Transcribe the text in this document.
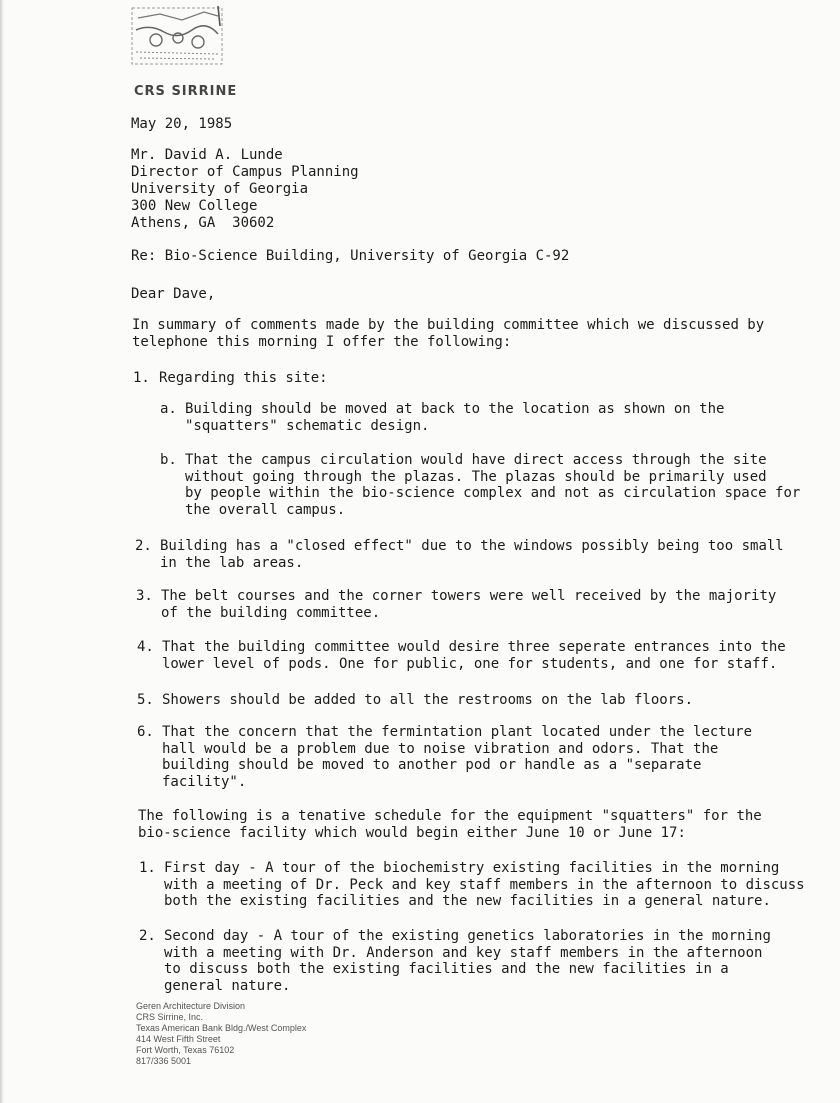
CRS SIRRINE
May 20, 1985
Mr. David A. Lunde
Director of Campus Planning
University of Georgia
300 New College
Athens, GA  30602
Re: Bio-Science Building, University of Georgia C-92
Dear Dave,
In summary of comments made by the building committee which we discussed by
telephone this morning I offer the following:
1. Regarding this site:
a. Building should be moved at back to the location as shown on the
"squatters" schematic design.
b. That the campus circulation would have direct access through the site
without going through the plazas. The plazas should be primarily used
by people within the bio-science complex and not as circulation space for
the overall campus.
2. Building has a "closed effect" due to the windows possibly being too small
in the lab areas.
3. The belt courses and the corner towers were well received by the majority
of the building committee.
4. That the building committee would desire three seperate entrances into the
lower level of pods. One for public, one for students, and one for staff.
5. Showers should be added to all the restrooms on the lab floors.
6. That the concern that the fermintation plant located under the lecture
hall would be a problem due to noise vibration and odors. That the
building should be moved to another pod or handle as a "separate
facility".
The following is a tenative schedule for the equipment "squatters" for the
bio-science facility which would begin either June 10 or June 17:
1. First day - A tour of the biochemistry existing facilities in the morning
with a meeting of Dr. Peck and key staff members in the afternoon to discuss
both the existing facilities and the new facilities in a general nature.
2. Second day - A tour of the existing genetics laboratories in the morning
with a meeting with Dr. Anderson and key staff members in the afternoon
to discuss both the existing facilities and the new facilities in a
general nature.
Geren Architecture Division
CRS Sirrine, Inc.
Texas American Bank Bldg./West Complex
414 West Fifth Street
Fort Worth, Texas 76102
817/336 5001
